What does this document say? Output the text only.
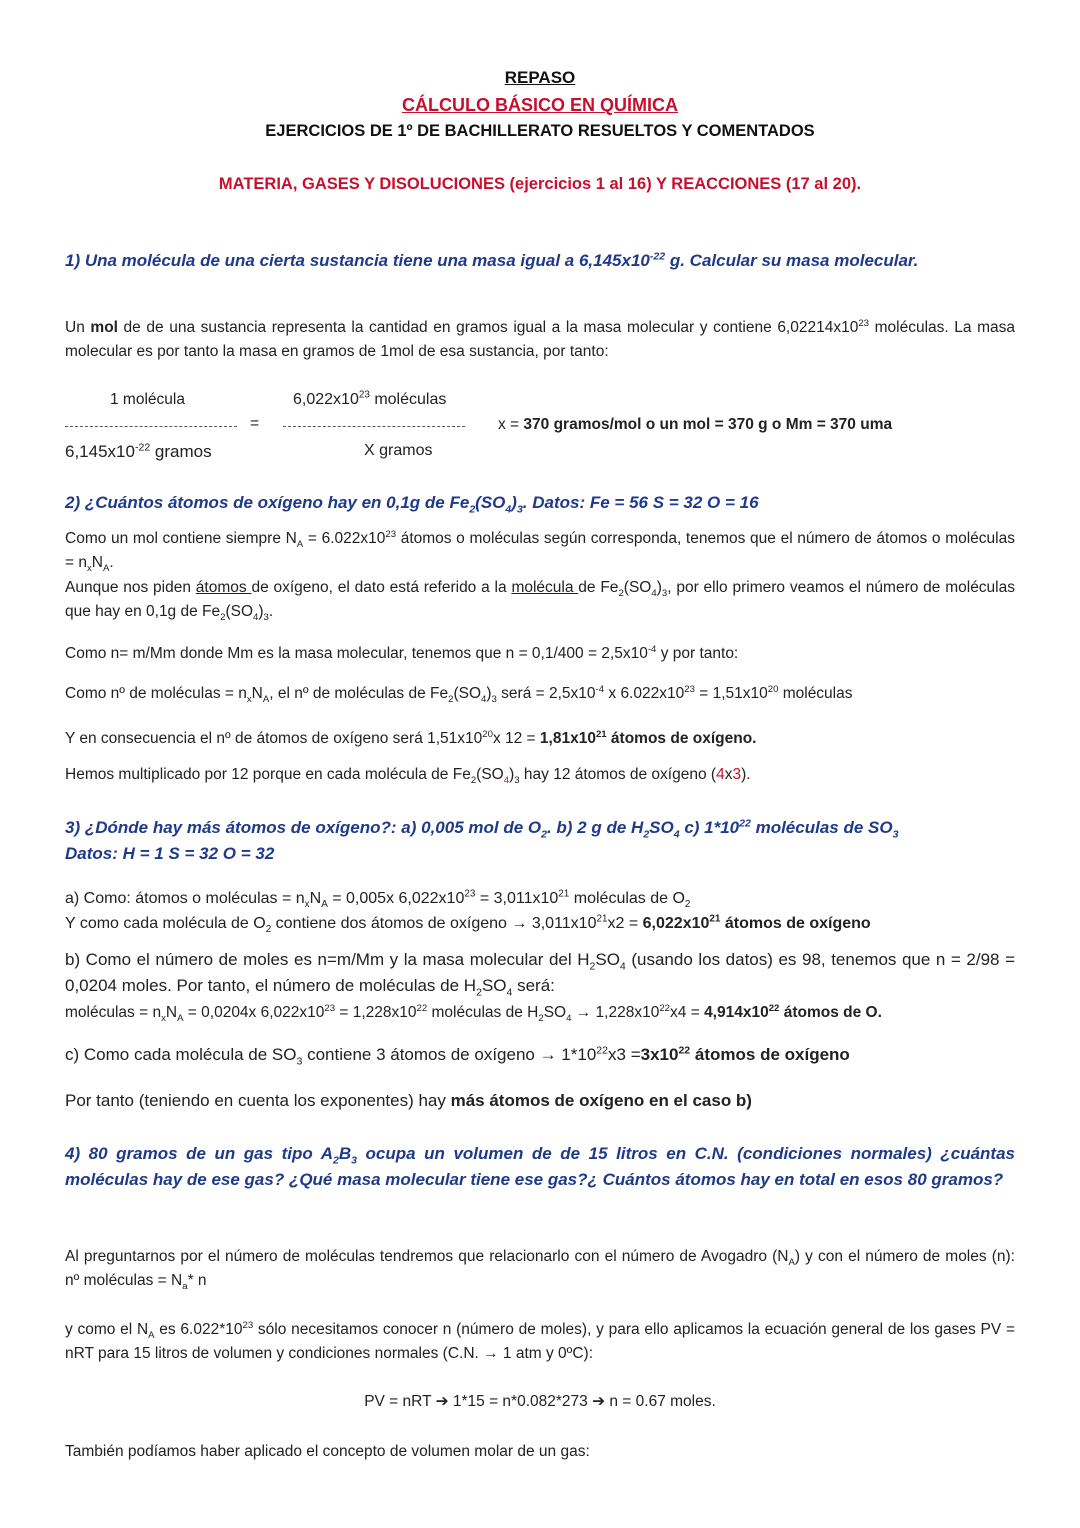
REPASO
CÁLCULO BÁSICO EN QUÍMICA
EJERCICIOS DE 1º DE BACHILLERATO RESUELTOS Y COMENTADOS
MATERIA, GASES Y DISOLUCIONES (ejercicios 1 al 16) Y REACCIONES (17 al 20).
1) Una molécula de una cierta sustancia tiene una masa igual a $6,145x10^{-22}$ g. Calcular su masa molecular.
Un mol de de una sustancia representa la cantidad en gramos igual a la masa molecular y contiene $6,02214x10^{23}$ moléculas. La masa molecular es por tanto la masa en gramos de 1mol de esa sustancia, por tanto:
1 molécula
=
$6,145x10^{-22}$ gramos
$6,022x10^{23}$ moléculas
X gramos
x = 370 gramos/mol o un mol = 370 g o Mm = 370 uma
2) ¿Cuántos átomos de oxígeno hay en 0,1g de $Fe_2(SO_4)_3$. Datos: Fe = 56 S = 32 O = 16
Como un mol contiene siempre $N_A = 6.022x10^{23}$ átomos o moléculas según corresponda, tenemos que el número de átomos o moléculas = $n_xN_A$.
Aunque nos piden átomos de oxígeno, el dato está referido a la molécula de $Fe_2(SO_4)_3$, por ello primero veamos el número de moléculas que hay en 0,1g de $Fe_2(SO_4)_3$.
Como n= m/Mm donde Mm es la masa molecular, tenemos que $n = 0,1/400 = 2,5x10^{-4}$ y por tanto:
Como nº de moléculas = $n_xN_A$, el nº de moléculas de $Fe_2(SO_4)_3$ será = $2,5x10^{-4}$ x $6.022x10^{23} = 1,51x10^{20}$ moléculas
Y en consecuencia el nº de átomos de oxígeno será $1,51x10^{20}x$ $12 = 1,81x10^{21}$ átomos de oxígeno.
Hemos multiplicado por 12 porque en cada molécula de $Fe_2(SO_4)_3$ hay 12 átomos de oxígeno (4x3).
3) ¿Dónde hay más átomos de oxígeno?: a) 0,005 mol de $O_2$. b) 2 g de $H_2SO_4$ c) $1*10^{22}$ moléculas de $SO_3$
Datos: H = 1 S = 32 O = 32
a) Como: átomos o moléculas = $n_xN_A = 0,005x$ $6,022x10^{23} = 3,011x10^{21}$ moléculas de $O_2$
Y como cada molécula de $O_2$ contiene dos átomos de oxígeno → $3,011x10^{21}x2 = 6,022x10^{21}$ átomos de oxígeno
b) Como el número de moles es n=m/Mm y la masa molecular del $H_2SO_4$ (usando los datos) es 98, tenemos que n = 2/98 = 0,0204 moles. Por tanto, el número de moléculas de $H_2SO_4$ será:
moléculas = $n_xN_A = 0,0204x$ $6,022x10^{23} = 1,228x10^{22}$ moléculas de $H_2SO_4 \to 1,228x10^{22}x4 = 4,914x10^{22}$ átomos de O.
c) Como cada molécula de $SO_3$ contiene 3 átomos de oxígeno → $1*10^{22}x3 =3x10^{22}$ átomos de oxígeno
Por tanto (teniendo en cuenta los exponentes) hay más átomos de oxígeno en el caso b)
4) 80 gramos de un gas tipo $A_2B_3$ ocupa un volumen de de 15 litros en C.N. (condiciones normales) ¿cuántas moléculas hay de ese gas? ¿Qué masa molecular tiene ese gas?¿ Cuántos átomos hay en total en esos 80 gramos?
Al preguntarnos por el número de moléculas tendremos que relacionarlo con el número de Avogadro $(N_A)$ y con el número de moles (n): nº moléculas = $N_a*$ n
y como el $N_A$ es $6.022*10^{23}$ sólo necesitamos conocer n (número de moles), y para ello aplicamos la ecuación general de los gases PV = nRT para 15 litros de volumen y condiciones normales (C.N. → 1 atm y 0ºC):
PV = nRT ➔ 1*15 = n*0.082*273 ➔ n = 0.67 moles.
También podíamos haber aplicado el concepto de volumen molar de un gas:
